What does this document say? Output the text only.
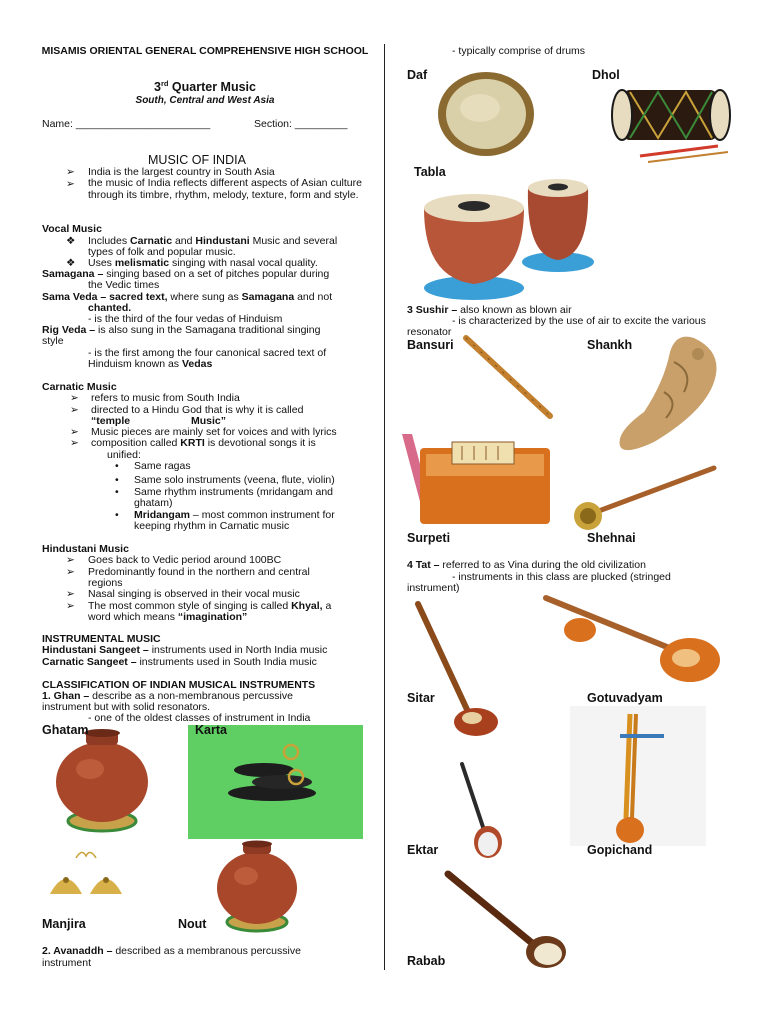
MISAMIS ORIENTAL GENERAL COMPREHENSIVE HIGH SCHOOL
3rd Quarter Music
South, Central and West Asia
Name: _______________________	Section: _________
MUSIC OF INDIA
➢ India is the largest country in South Asia
➢ the music of India reflects different aspects of Asian culture through its timbre, rhythm, melody, texture, form and style.
Vocal Music
❖ Includes Carnatic and Hindustani Music and several
types of folk and popular music.
❖ Uses melismatic singing with nasal vocal quality.
Samagana – singing based on a set of pitches popular during
the Vedic times
Sama Veda – sacred text, where sung as Samagana and not
chanted.
- is the third of the four vedas of Hinduism
Rig Veda – is also sung in the Samagana traditional singing
style
- is the first among the four canonical sacred text of
Hinduism known as Vedas
Carnatic Music
➢ refers to music from South India
➢ directed to a Hindu God that is why it is called
“temple	Music”
➢ Music pieces are mainly set for voices and with lyrics
➢ composition called KRTI is devotional songs it is
unified:
• Same ragas
• Same solo instruments (veena, flute, violin)
• Same rhythm instruments (mridangam and
ghatam)
• Mridangam – most common instrument for
keeping rhythm in Carnatic music
Hindustani Music
➢ Goes back to Vedic period around 100BC
➢ Predominantly found in the northern and central
regions
➢ Nasal singing is observed in their vocal music
➢ The most common style of singing is called Khyal, a
word which means “imagination”
INSTRUMENTAL MUSIC
Hindustani Sangeet – instruments used in North India music
Carnatic Sangeet – instruments used in South India music
CLASSIFICATION OF INDIAN MUSICAL INSTRUMENTS
1. Ghan – describe as a non-membranous percussive
instrument but with solid resonators.
- one of the oldest classes of instrument in India
Ghatam	Karta
Manjira	Nout
2. Avanaddh – described as a membranous percussive
instrument
- typically comprise of drums
Daf	Dhol
Tabla
3 Sushir – also known as blown air
- is characterized by the use of air to excite the various
resonator
Bansuri	Shankh
Surpeti	Shehnai
4 Tat – referred to as Vina during the old civilization
- instruments in this class are plucked (stringed
instrument)
Sitar	Gotuvadyam
Ektar	Gopichand
Rabab
